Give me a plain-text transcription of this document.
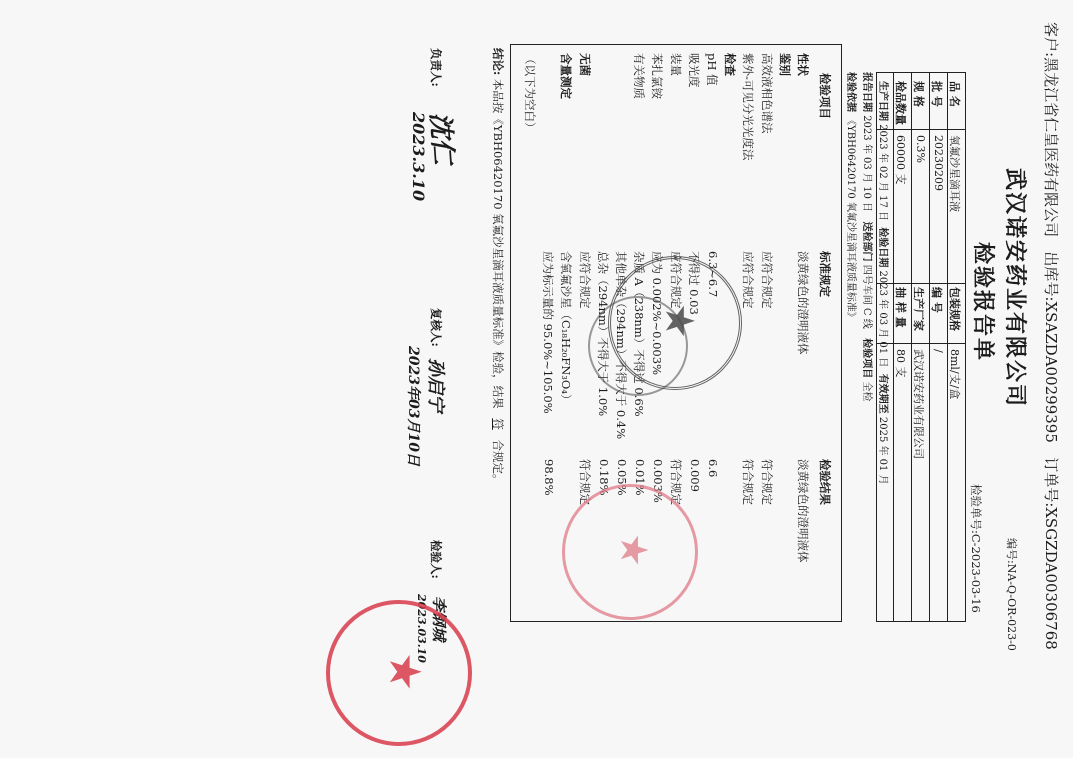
客户:黑龙江省仁皇医药有限公司   出库号:XSAZDA00299395   订单号:XSGZDA00306768
编号:NA-Q-OR-023-0
武汉诺安药业有限公司
检验报告单
检验单号:C-2023-03-16
品 名
氧氟沙星滴耳液
包装规格
8ml/支/盒
批 号
20230209
编 号
/
规 格
0.3%
生产厂家
武汉诺安药业有限公司
检品数量
60000 支
抽 样 量
80 支
生产日期 2023 年 02 月 17 日  检验日期 2023 年 03 月 01 日  有效期至 2025 年 01 月
报告日期 2023 年 03 月 10 日   送检部门 四号车间 C 线   检验项目 全检
检验依据 《YBH06420170 氧氟沙星滴耳液质量标准》
检验项目
标准规定
检验结果
性状
淡黄绿色的澄明液体
淡黄绿色的澄明液体
鉴别
高效液相色谱法
应符合规定
符合规定
紫外-可见分光光度法
应符合规定
符合规定
检查
pH 值
6.3~6.7
6.6
吸光度
不得过 0.03
0.009
装量
应符合规定
符合规定
苯扎氯铵
应为 0.002%~0.003%
0.003%
有关物质
杂质 A（238nm）不得过 0.6%
0.01%
其他单杂（294nm）不得大于 0.4%
0.05%
总杂（294nm）不得大于 1.0%
0.18%
无菌
应符合规定
符合规定
含量测定
含氧氟沙星（C₁₈H₂₀FN₃O₄）
应为标示量的 95.0%~105.0%
98.8%
（以下为空白）
结论: 本品按《YBH06420170 氧氟沙星滴耳液质量标准》检验，结果 符 合规定。
负责人:
沈仁
2023.3.10
复核人:
孙启宁
2023年03月10日
检验人:
李钢城
2023.03.10
★
★
★
